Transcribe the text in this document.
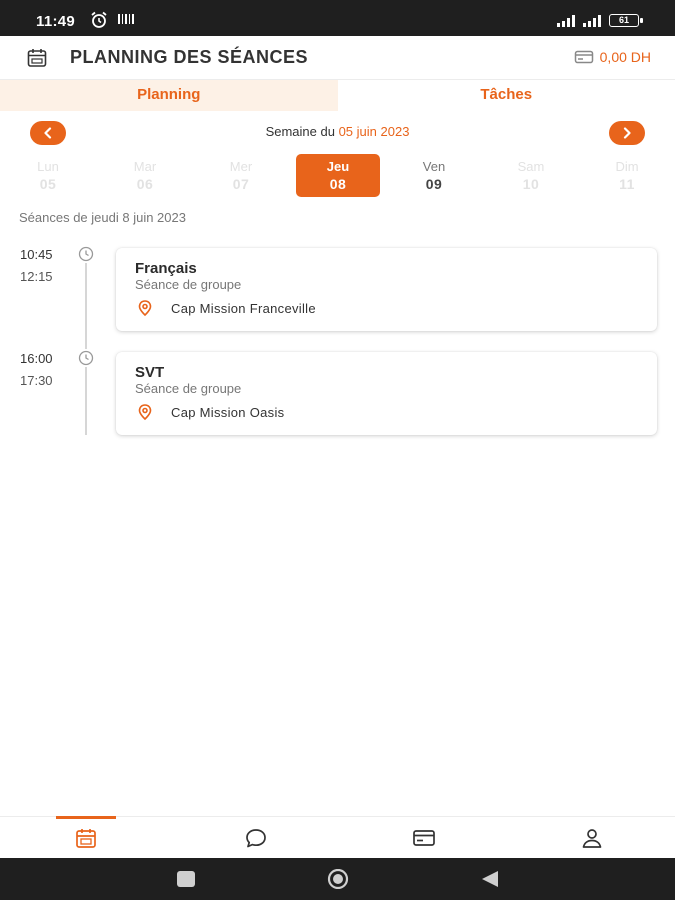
11:49	61
PLANNING DES SÉANCES	0,00 DH
Planning	Tâches
Semaine du 05 juin 2023
Lun
05
Mar
06
Mer
07
Jeu
08
Ven
09
Sam
10
Dim
11
Séances de jeudi 8 juin 2023
10:45
12:15	Français
Séance de groupe
Cap Mission Franceville
16:00
17:30	SVT
Séance de groupe
Cap Mission Oasis
